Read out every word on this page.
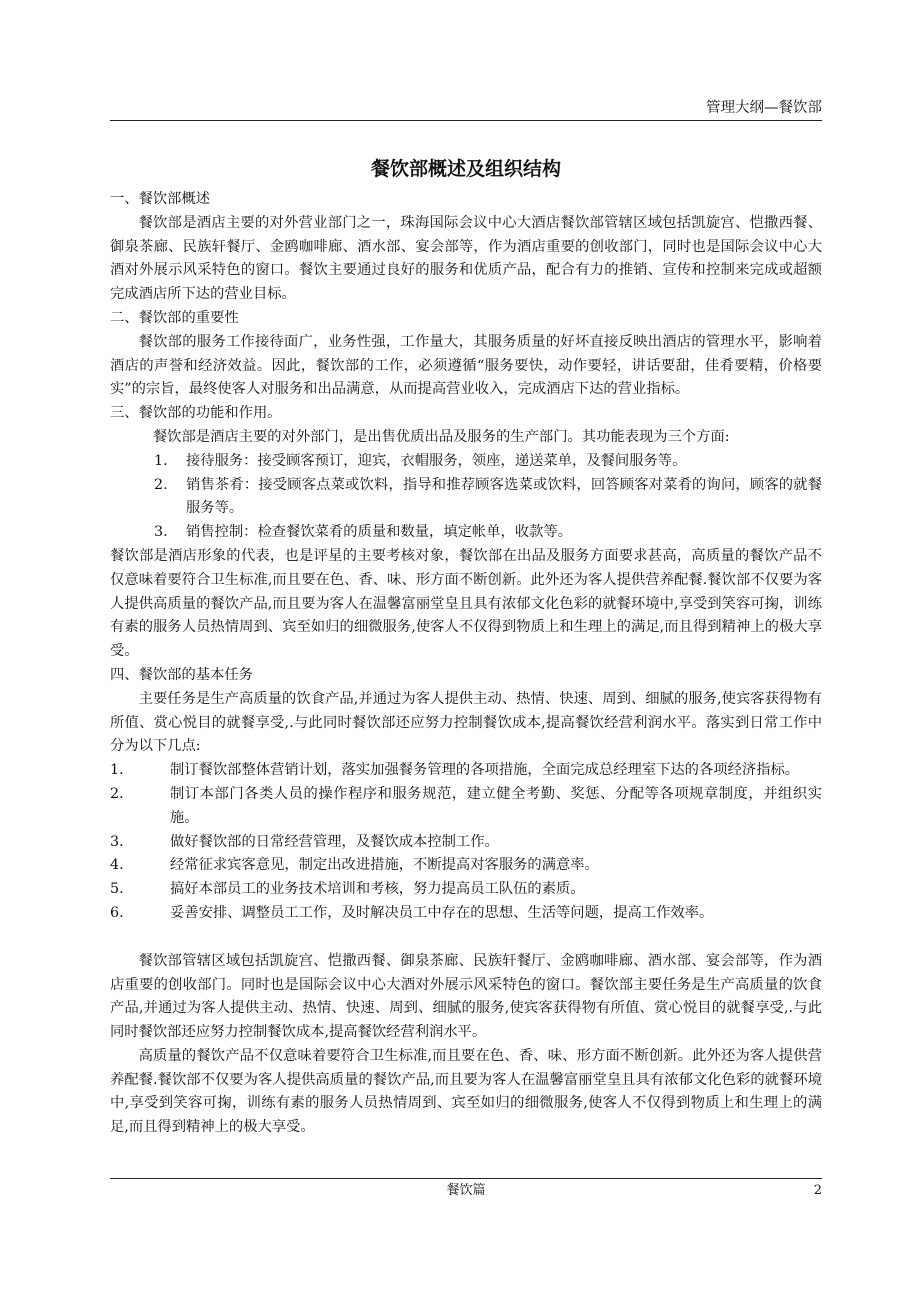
管理大纲—餐饮部
餐饮部概述及组织结构

一、餐饮部概述

餐饮部是酒店主要的对外营业部门之一，珠海国际会议中心大酒店餐饮部管辖区域包括凯旋宫、恺撒西餐、御泉茶廊、民族轩餐厅、金鸥咖啡廊、酒水部、宴会部等，作为酒店重要的创收部门，同时也是国际会议中心大酒对外展示风采特色的窗口。餐饮主要通过良好的服务和优质产品，配合有力的推销、宣传和控制来完成或超额完成酒店所下达的营业目标。

二、餐饮部的重要性

餐饮部的服务工作接待面广，业务性强，工作量大，其服务质量的好坏直接反映出酒店的管理水平，影响着酒店的声誉和经济效益。因此，餐饮部的工作，必须遵循“服务要快，动作要轻，讲话要甜，佳肴要精，价格要实”的宗旨，最终使客人对服务和出品满意，从而提高营业收入，完成酒店下达的营业指标。

三、餐饮部的功能和作用。

餐饮部是酒店主要的对外部门，是出售优质出品及服务的生产部门。其功能表现为三个方面:

1.	接待服务：接受顾客预订，迎宾，衣帽服务，领座，递送菜单，及餐间服务等。
2.	销售茶肴：接受顾客点菜或饮料，指导和推荐顾客选菜或饮料，回答顾客对菜肴的询问，顾客的就餐服务等。
3.	销售控制：检查餐饮菜肴的质量和数量，填定帐单，收款等。

餐饮部是酒店形象的代表，也是评星的主要考核对象，餐饮部在出品及服务方面要求甚高，高质量的餐饮产品不仅意味着要符合卫生标准,而且要在色、香、味、形方面不断创新。此外还为客人提供营养配餐.餐饮部不仅要为客人提供高质量的餐饮产品,而且要为客人在温馨富丽堂皇且具有浓郁文化色彩的就餐环境中,享受到笑容可掬，训练有素的服务人员热情周到、宾至如归的细微服务,使客人不仅得到物质上和生理上的满足,而且得到精神上的极大享受。

四、餐饮部的基本任务

主要任务是生产高质量的饮食产品,并通过为客人提供主动、热情、快速、周到、细腻的服务,使宾客获得物有所值、赏心悦目的就餐享受,.与此同时餐饮部还应努力控制餐饮成本,提高餐饮经营利润水平。落实到日常工作中分为以下几点:

1.	制订餐饮部整体营销计划，落实加强餐务管理的各项措施，全面完成总经理室下达的各项经济指标。
2.	制订本部门各类人员的操作程序和服务规范，建立健全考勤、奖惩、分配等各项规章制度，并组织实施。
3.	做好餐饮部的日常经营管理，及餐饮成本控制工作。
4.	经常征求宾客意见，制定出改进措施，不断提高对客服务的满意率。
5.	搞好本部员工的业务技术培训和考核，努力提高员工队伍的素质。
6.	妥善安排、调整员工工作，及时解决员工中存在的思想、生活等问题，提高工作效率。

餐饮部管辖区域包括凯旋宫、恺撒西餐、御泉茶廊、民族轩餐厅、金鸥咖啡廊、酒水部、宴会部等，作为酒店重要的创收部门。同时也是国际会议中心大酒对外展示风采特色的窗口。餐饮部主要任务是生产高质量的饮食产品,并通过为客人提供主动、热情、快速、周到、细腻的服务,使宾客获得物有所值、赏心悦目的就餐享受,.与此同时餐饮部还应努力控制餐饮成本,提高餐饮经营利润水平。

高质量的餐饮产品不仅意味着要符合卫生标准,而且要在色、香、味、形方面不断创新。此外还为客人提供营养配餐.餐饮部不仅要为客人提供高质量的餐饮产品,而且要为客人在温馨富丽堂皇且具有浓郁文化色彩的就餐环境中,享受到笑容可掬，训练有素的服务人员热情周到、宾至如归的细微服务,使客人不仅得到物质上和生理上的满足,而且得到精神上的极大享受。

餐饮篇	2
